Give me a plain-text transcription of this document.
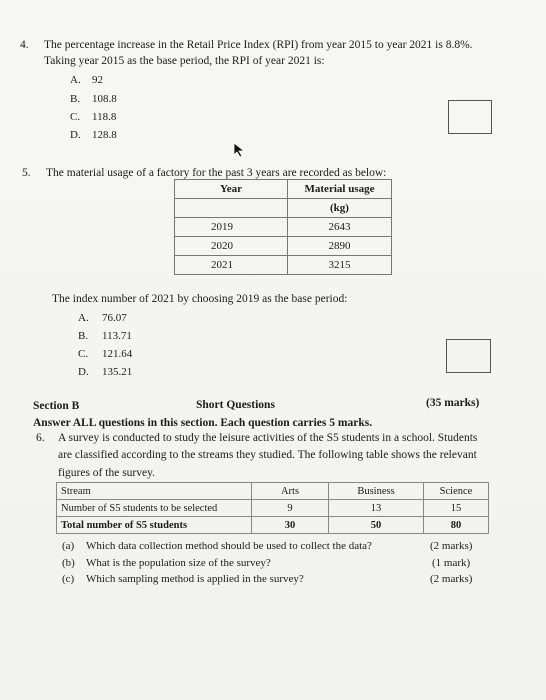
4. The percentage increase in the Retail Price Index (RPI) from year 2015 to year 2021 is 8.8%.
Taking year 2015 as the base period, the RPI of year 2021 is:
A. 92
B. 108.8
C. 118.8
D. 128.8
5. The material usage of a factory for the past 3 years are recorded as below:
Year	Material usage
	(kg)
2019	2643
2020	2890
2021	3215
The index number of 2021 by choosing 2019 as the base period:
A. 76.07
B. 113.71
C. 121.64
D. 135.21
Section B	Short Questions	(35 marks)
Answer ALL questions in this section. Each question carries 5 marks.
6. A survey is conducted to study the leisure activities of the S5 students in a school. Students
are classified according to the streams they studied. The following table shows the relevant
figures of the survey.
Stream	Arts	Business	Science
Number of S5 students to be selected	9	13	15
Total number of S5 students	30	50	80
(a) Which data collection method should be used to collect the data?	(2 marks)
(b) What is the population size of the survey?	(1 mark)
(c) Which sampling method is applied in the survey?	(2 marks)
